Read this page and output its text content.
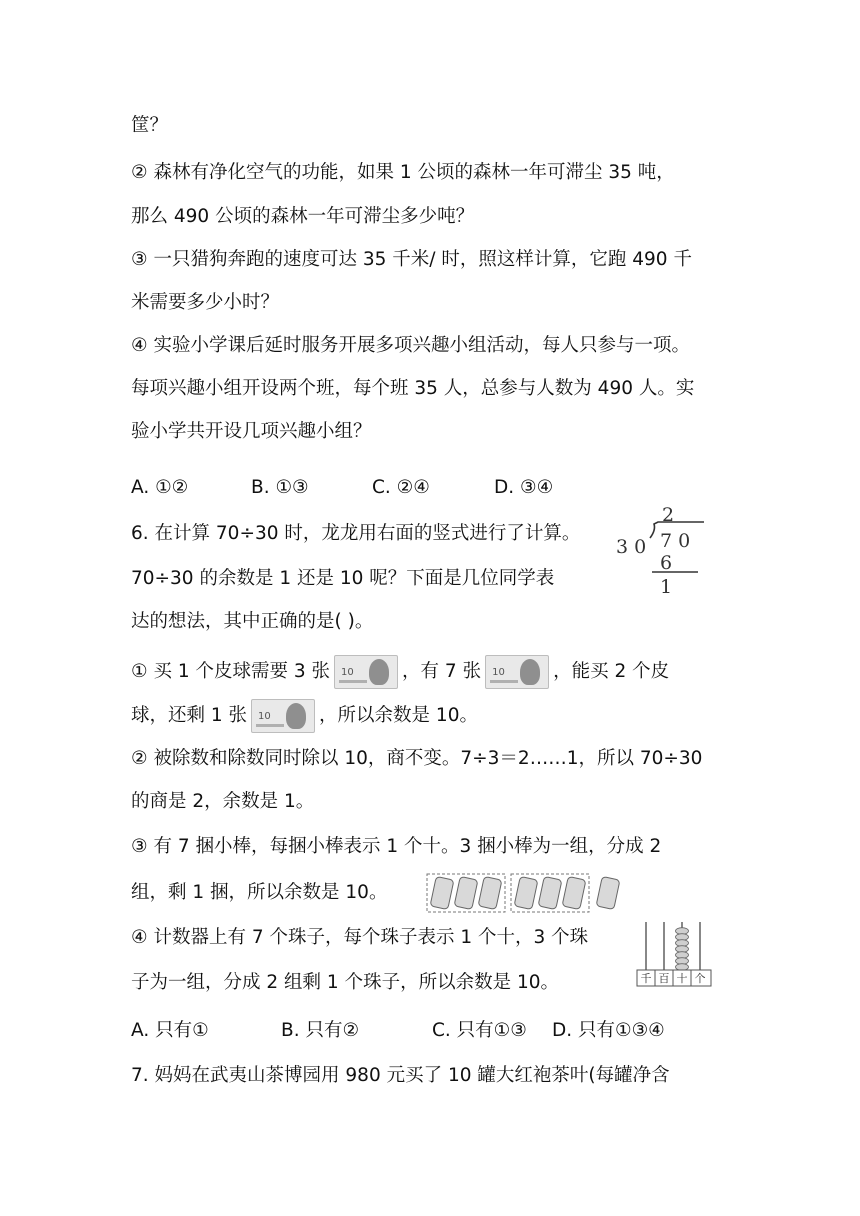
筐？
② 森林有净化空气的功能，如果 1 公顷的森林一年可滞尘 35 吨，
那么 490 公顷的森林一年可滞尘多少吨？
③ 一只猎狗奔跑的速度可达 35 千米/ 时，照这样计算，它跑 490 千
米需要多少小时？
④ 实验小学课后延时服务开展多项兴趣小组活动，每人只参与一项。
每项兴趣小组开设两个班，每个班 35 人，总参与人数为 490 人。实
验小学共开设几项兴趣小组？
A. ①②	B. ①③	C. ②④	D. ③④
6. 在计算 70÷30 时，龙龙用右面的竖式进行了计算。
70÷30 的余数是 1 还是 10 呢？下面是几位同学表
达的想法，其中正确的是( )。
2
3 0 7 0
6
1
① 买 1 个皮球需要 3 张 10	，有 7 张 10	，能买 2 个皮
球，还剩 1 张 10	，所以余数是 10。
② 被除数和除数同时除以 10，商不变。7÷3＝2……1，所以 70÷30
的商是 2，余数是 1。
③ 有 7 捆小棒，每捆小棒表示 1 个十。3 捆小棒为一组，分成 2
组，剩 1 捆，所以余数是 10。
④ 计数器上有 7 个珠子，每个珠子表示 1 个十，3 个珠
子为一组，分成 2 组剩 1 个珠子，所以余数是 10。	千 百 十 个
A. 只有①	B. 只有②	C. 只有①③ D. 只有①③④
7. 妈妈在武夷山茶博园用 980 元买了 10 罐大红袍茶叶(每罐净含
